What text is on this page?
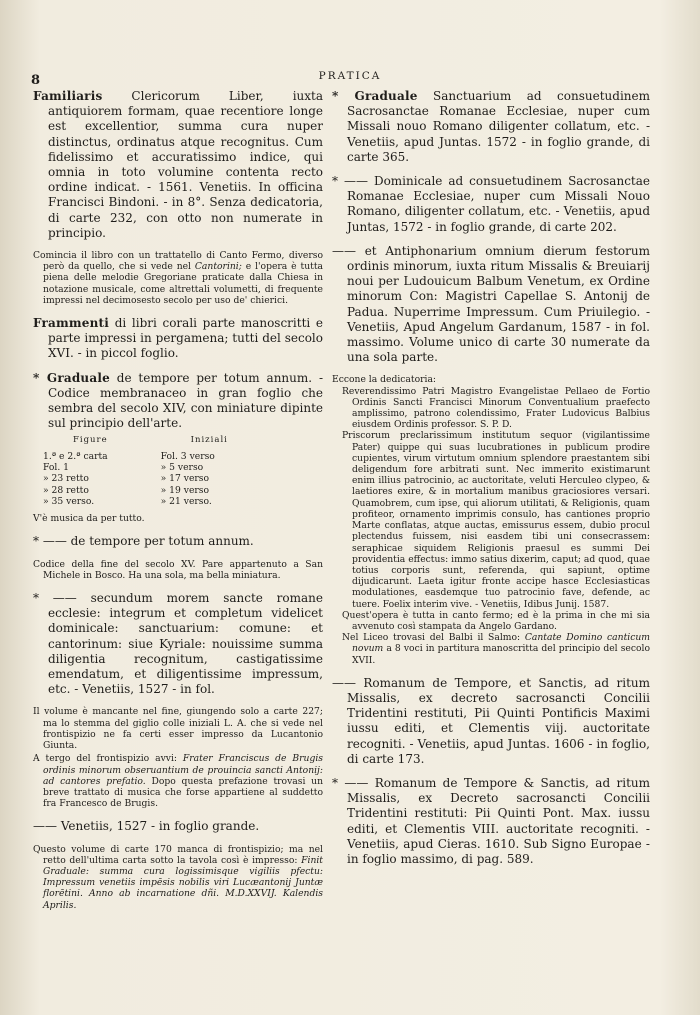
8	PRATICA

Familiaris Clericorum Liber, iuxta antiquiorem formam, quae recentiore longe est excellentior, summa cura nuper distinctus, ordinatus atque recognitus. Cum fidelissimo et accuratissimo indice, qui omnia in toto volumine contenta recto ordine indicat. - 1561. Venetiis. In officina Francisci Bindoni. - in 8°. Senza dedicatoria, di carte 232, con otto non numerate in principio.

Comincia il libro con un trattatello di Canto Fermo, diverso però da quello, che si vede nel Cantorini; e l'opera è tutta piena delle melodie Gregoriane praticate dalla Chiesa in notazione musicale, come altrettali volumetti, di frequente impressi nel decimosesto secolo per uso de' chierici.

Frammenti di libri corali parte manoscritti e parte impressi in pergamena; tutti del secolo XVI. - in piccol foglio.

* Graduale de tempore per totum annum. - Codice membranaceo in gran foglio che sembra del secolo XIV, con miniature dipinte sul principio dell'arte.

Figure	Iniziali
1.ª e 2.ª carta	Fol. 3 verso
Fol. 1	» 5 verso
» 23 retto	» 17 verso
» 28 retto	» 19 verso
» 35 verso.	» 21 verso.

V'è musica da per tutto.

* —— de tempore per totum annum.

Codice della fine del secolo XV. Pare appartenuto a San Michele in Bosco. Ha una sola, ma bella miniatura.

* —— secundum morem sancte romane ecclesie: integrum et completum videlicet dominicale: sanctuarium: comune: et cantorinum: siue Kyriale: nouissime summa diligentia recognitum, castigatissime emendatum, et diligentissime impressum, etc. - Venetiis, 1527 - in fol.

Il volume è mancante nel fine, giungendo solo a carte 227; ma lo stemma del giglio colle iniziali L. A. che si vede nel frontispizio ne fa certi esser impresso da Lucantonio Giunta.

A tergo del frontispizio avvi: Frater Franciscus de Brugis ordinis minorum obseruantium de prouincia sancti Antonij: ad cantores prefatio. Dopo questa prefazione trovasi un breve trattato di musica che forse appartiene al suddetto fra Francesco de Brugis.

—— Venetiis, 1527 - in foglio grande.

Questo volume di carte 170 manca di frontispizio; ma nel retto dell'ultima carta sotto la tavola così è impresso: Finit Graduale: summa cura logissimisque vigiliis pfectu: Impressum venetiis impēsis nobilis viri Lucæantonij Juntæ florētini. Anno ab incarnatione dñi. M.D.XXVIJ. Kalendis Aprilis.

* Graduale Sanctuarium ad consuetudinem Sacrosanctae Romanae Ecclesiae, nuper cum Missali nouo Romano diligenter collatum, etc. - Venetiis, apud Juntas. 1572 - in foglio grande, di carte 365.

* —— Dominicale ad consuetudinem Sacrosanctae Romanae Ecclesiae, nuper cum Missali Nouo Romano, diligenter collatum, etc. - Venetiis, apud Juntas, 1572 - in foglio grande, di carte 202.

—— et Antiphonarium omnium dierum festorum ordinis minorum, iuxta ritum Missalis & Breuiarij noui per Ludouicum Balbum Venetum, ex Ordine minorum Con: Magistri Capellae S. Antonij de Padua. Nuperrime Impressum. Cum Priuilegio. - Venetiis, Apud Angelum Gardanum, 1587 - in fol. massimo. Volume unico di carte 30 numerate da una sola parte.

Eccone la dedicatoria:

Reverendissimo Patri Magistro Evangelistae Pellaeo de Fortio Ordinis Sancti Francisci Minorum Conventualium praefecto amplissimo, patrono colendissimo, Frater Ludovicus Balbius eiusdem Ordinis professor. S. P. D.

Priscorum preclarissimum institutum sequor (vigilantissime Pater) quippe qui suas lucubrationes in publicum prodire cupientes, virum virtutum omnium splendore praestantem sibi deligendum fore arbitrati sunt. Nec immerito existimarunt enim illius patrocinio, ac auctoritate, veluti Herculeo clypeo, & laetiores exire, & in mortalium manibus graciosiores versari. Quamobrem, cum ipse, qui aliorum utilitati, & Religionis, quam profiteor, ornamento imprimis consulo, has cantiones proprio Marte conflatas, atque auctas, emissurus essem, dubio procul plectendus fuissem, nisi easdem tibi uni consecrassem: seraphicae siquidem Religionis praesul es summi Dei providentia effectus: immo satius dixerim, caput; ad quod, quae totius corporis sunt, referenda, qui sapiunt, optime dijudicarunt. Laeta igitur fronte accipe hasce Ecclesiasticas modulationes, easdemque tuo patrocinio fave, defende, ac tuere. Foelix interim vive. - Venetiis, Idibus Junij. 1587.

Quest'opera è tutta in canto fermo; ed è la prima in che mi sia avvenuto così stampata da Angelo Gardano.

Nel Liceo trovasi del Balbi il Salmo: Cantate Domino canticum novum a 8 voci in partitura manoscritta del principio del secolo XVII.

—— Romanum de Tempore, et Sanctis, ad ritum Missalis, ex decreto sacrosancti Concilii Tridentini restituti, Pii Quinti Pontificis Maximi iussu editi, et Clementis viij. auctoritate recogniti. - Venetiis, apud Juntas. 1606 - in foglio, di carte 173.

* —— Romanum de Tempore & Sanctis, ad ritum Missalis, ex Decreto sacrosancti Concilii Tridentini restituti: Pii Quinti Pont. Max. iussu editi, et Clementis VIII. auctoritate recogniti. - Venetiis, apud Cieras. 1610. Sub Signo Europae - in foglio massimo, di pag. 589.
